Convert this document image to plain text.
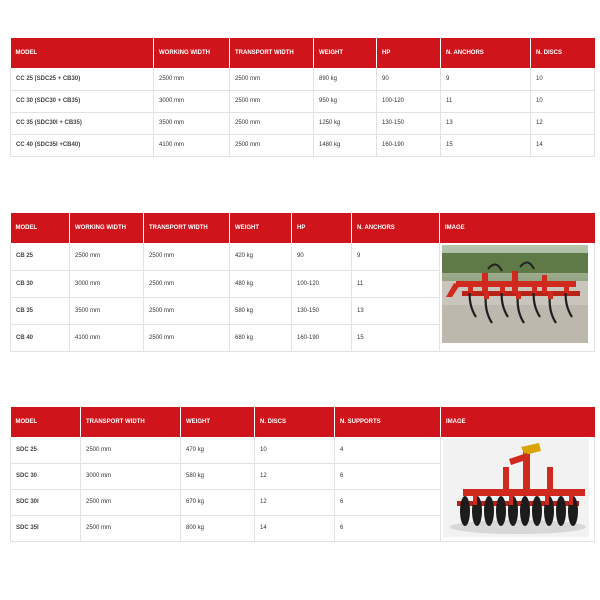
MODEL	WORKING WIDTH	TRANSPORT WIDTH	WEIGHT	HP	N. ANCHORS	N. DISCS
CC 25 (SDC25 + CB30)	2500 mm	2500 mm	890 kg	90	9	10
CC 30 (SDC30 + CB35)	3000 mm	2500 mm	950 kg	100-120	11	10
CC 35 (SDC30I + CB35)	3500 mm	2500 mm	1250 kg	130-150	13	12
CC 40 (SDC35I +CB40)	4100 mm	2500 mm	1480 kg	160-190	15	14
MODEL	WORKING WIDTH	TRANSPORT WIDTH	WEIGHT	HP	N. ANCHORS	IMAGE
CB 25	2500 mm	2500 mm	420 kg	90	9	

CB 30	3000 mm	2500 mm	480 kg	100-120	11	
CB 35	3500 mm	2500 mm	580 kg	130-150	13	
CB 40	4100 mm	2500 mm	680 kg	160-190	15	
MODEL	TRANSPORT WIDTH	WEIGHT	N. DISCS	N. SUPPORTS	IMAGE
SDC 25	2500 mm	470 kg	10	4	

SDC 30	3000 mm	580 kg	12	6	
SDC 30I	2500 mm	670 kg	12	6	
SDC 35I	2500 mm	800 kg	14	6	
